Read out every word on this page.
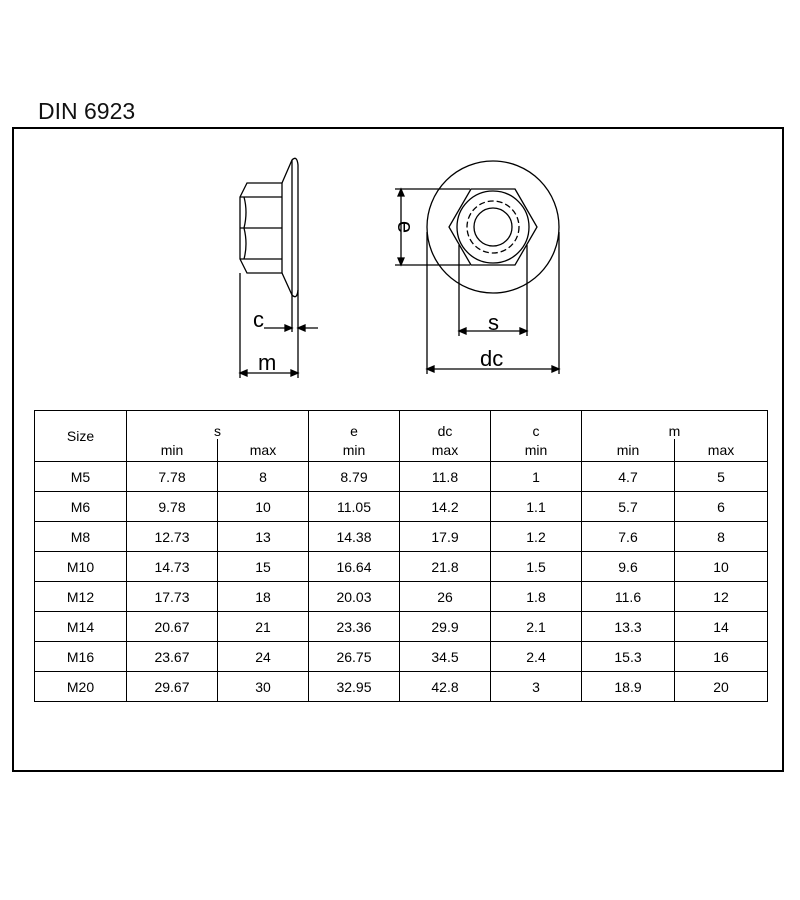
DIN 6923
c
m
s
dc
e
Size	s		e	dc	c	m	
	min	max	min	max	min	min	max
M5	7.78	8	8.79	11.8	1	4.7	5
M6	9.78	10	11.05	14.2	1.1	5.7	6
M8	12.73	13	14.38	17.9	1.2	7.6	8
M10	14.73	15	16.64	21.8	1.5	9.6	10
M12	17.73	18	20.03	26	1.8	11.6	12
M14	20.67	21	23.36	29.9	2.1	13.3	14
M16	23.67	24	26.75	34.5	2.4	15.3	16
M20	29.67	30	32.95	42.8	3	18.9	20
